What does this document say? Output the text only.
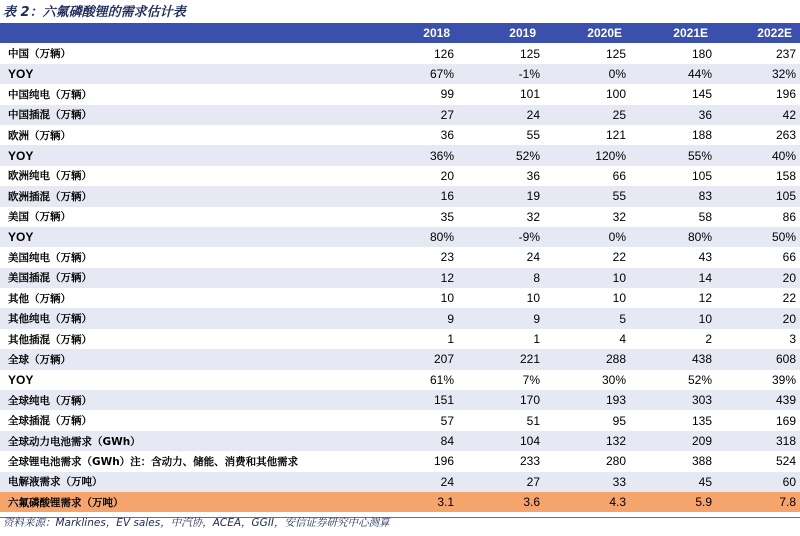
表 2：六氟磷酸锂的需求估计表
	2018	2019	2020E	2021E	2022E
中国（万辆）	126	125	125	180	237
YOY	67%	-1%	0%	44%	32%
中国纯电（万辆）	99	101	100	145	196
中国插混（万辆）	27	24	25	36	42
欧洲（万辆）	36	55	121	188	263
YOY	36%	52%	120%	55%	40%
欧洲纯电（万辆）	20	36	66	105	158
欧洲插混（万辆）	16	19	55	83	105
美国（万辆）	35	32	32	58	86
YOY	80%	-9%	0%	80%	50%
美国纯电（万辆）	23	24	22	43	66
美国插混（万辆）	12	8	10	14	20
其他（万辆）	10	10	10	12	22
其他纯电（万辆）	9	9	5	10	20
其他插混（万辆）	1	1	4	2	3
全球（万辆）	207	221	288	438	608
YOY	61%	7%	30%	52%	39%
全球纯电（万辆）	151	170	193	303	439
全球插混（万辆）	57	51	95	135	169
全球动力电池需求（GWh）	84	104	132	209	318
全球锂电池需求（GWh）注：含动力、储能、消费和其他需求	196	233	280	388	524
电解液需求（万吨）	24	27	33	45	60
六氟磷酸锂需求（万吨）	3.1	3.6	4.3	5.9	7.8
资料来源：Marklines，EV sales，中汽协，ACEA，GGII，安信证券研究中心测算
